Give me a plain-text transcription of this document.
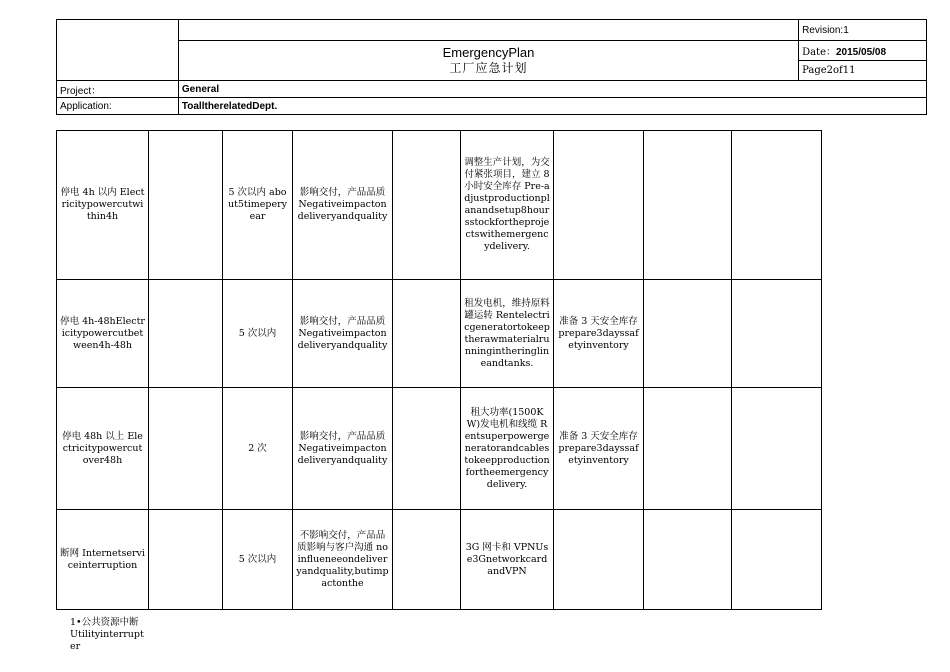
		Revision:1

	EmergencyPlan
工厂应急计划	Date：2015/05/08
		Page2of11

Project：	General	
Application:	ToalltherelatedDept.	
停电 4h 以内 Electricitypowercutwithin4h		5 次以内 about5timeperyear	影响交付，产品品质 Negativeimpactondeliveryandquality		调整生产计划，为交付紧张项目，建立 8 小时安全库存 Pre-adjustproductionplanandsetup8hoursstockfortheprojectswithemergencydelivery.			
停电 4h-48hElectricitypowercutbetween4h-48h		5 次以内	影响交付，产品品质 Negativeimpactondeliveryandquality		租发电机，维持原料罐运转 Rentelectricgeneratortokeeptherawmaterialrunningintheringlineandtanks.	准备 3 天安全库存 prepare3dayssafetyinventory		
停电 48h 以上 Electricitypowercutover48h		2 次	影响交付，产品品质 Negativeimpactondeliveryandquality		租大功率(1500KW)发电机和线缆 Rentsuperpowergeneratorandcablestokeepproductionfortheemergencydelivery.	准备 3 天安全库存 prepare3dayssafetyinventory		
断网 Internetserviceinterruption		5 次以内	不影响交付，产品品质影响与客户沟通 noinflueneeondeliveryandquality,butimpactonthe		3G 网卡和 VPNUse3GnetworkcardandVPN			
1•公共资源中断 Utilityinterrupter
